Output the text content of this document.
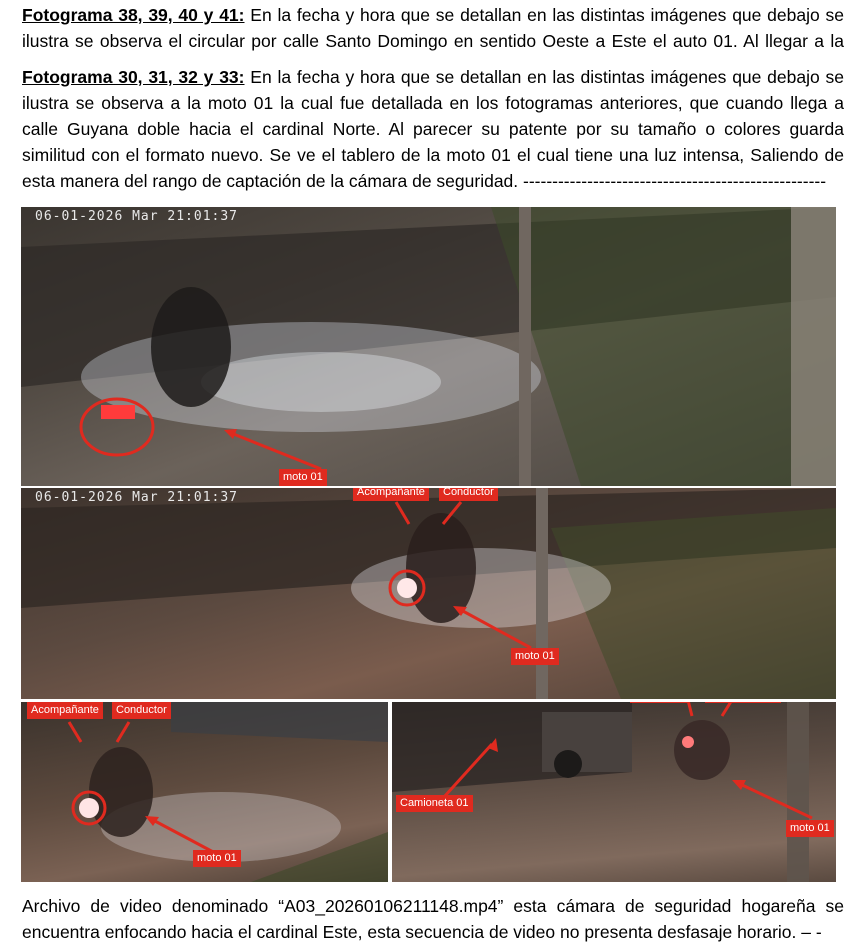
Fotograma 38, 39, 40 y 41: En la fecha y hora que se detallan en las distintas imágenes que debajo se ilustra se observa el circular por calle Santo Domingo en sentido Oeste a Este el auto 01. Al llegar a la

Fotograma 30, 31, 32 y 33: En la fecha y hora que se detallan en las distintas imágenes que debajo se ilustra se observa a la moto 01 la cual fue detallada en los fotogramas anteriores, que cuando llega a calle Guyana doble hacia el cardinal Norte. Al parecer su patente por su tamaño o colores guarda similitud con el formato nuevo. Se ve el tablero de la moto 01 el cual tiene una luz intensa, Saliendo de esta manera del rango de captación de la cámara de seguridad. ----------------------------------------------------

06-01-2026 Mar 21:01:37
moto 01
06-01-2026 Mar 21:01:37	Acompañante	Conductor
moto 01
Acompañante	Conductor
moto 01
Camioneta 01
moto 01

Archivo de video denominado “A03_20260106211148.mp4” esta cámara de seguridad hogareña se encuentra enfocando hacia el cardinal Este, esta secuencia de video no presenta desfasaje horario. – -
